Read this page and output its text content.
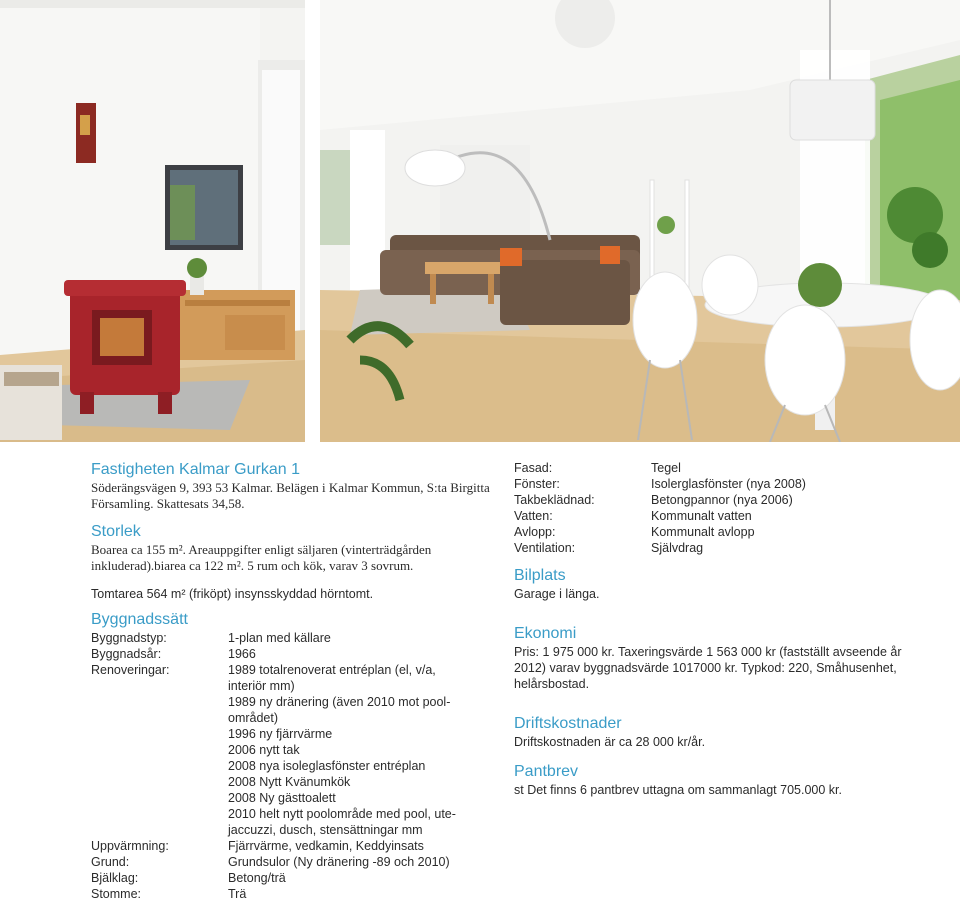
Fastigheten Kalmar Gurkan 1

Söderängsvägen 9, 393 53 Kalmar. Belägen i Kalmar Kommun, S:ta Birgitta Församling. Skattesats 34,58.

Storlek

Boarea ca 155 m². Areauppgifter enligt säljaren (vinterträdgården inkluderad).biarea ca 122 m². 5 rum och kök, varav 3 sovrum.

Tomtarea 564 m² (friköpt) insynsskyddad hörntomt.

Byggnadssätt
Byggnadstyp:	1-plan med källare
Byggnadsår:	1966
Renoveringar:	1989 totalrenoverat entréplan (el, v/a, interiör mm)
1989 ny dränering (även 2010 mot pool-området)
1996 ny fjärrvärme
2006 nytt tak
2008 nya isoleglasfönster entréplan
2008 Nytt Kvänumkök
2008 Ny gästtoalett
2010 helt nytt poolområde med pool, ute-jaccuzzi, dusch, stensättningar mm
Uppvärmning:	Fjärrvärme, vedkamin, Keddyinsats
Grund:	Grundsulor (Ny dränering -89 och 2010)
Bjälklag:	Betong/trä
Stomme:	Trä
Fasad:	Tegel
Fönster:	Isolerglasfönster (nya 2008)
Takbeklädnad:	Betongpannor (nya 2006)
Vatten:	Kommunalt vatten
Avlopp:	Kommunalt avlopp
Ventilation:	Självdrag
Bilplats

Garage i länga.

Ekonomi

Pris: 1 975 000 kr. Taxeringsvärde 1 563 000 kr (fastställt avseende år 2012) varav byggnadsvärde 1017000 kr. Typkod: 220, Småhusenhet, helårsbostad.

Driftskostnader

Driftskostnaden är ca 28 000 kr/år.

Pantbrev

st Det finns 6 pantbrev uttagna om sammanlagt 705.000 kr.
